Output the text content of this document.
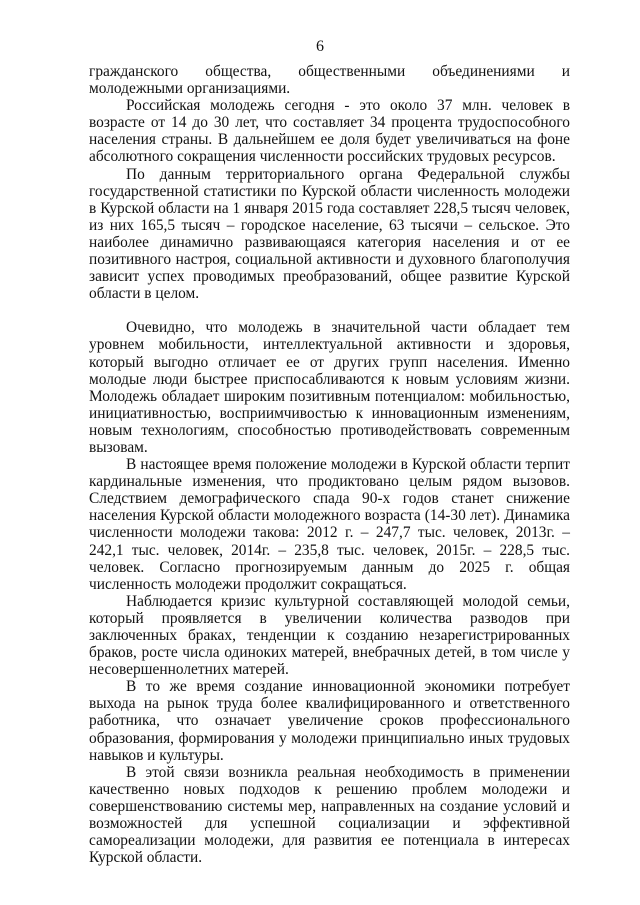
6

гражданского общества, общественными объединениями и молодежными организациями.

Российская молодежь сегодня - это около 37 млн. человек в возрасте от 14 до 30 лет, что составляет 34 процента трудоспособного населения страны. В дальнейшем ее доля будет увеличиваться на фоне абсолютного сокращения численности российских трудовых ресурсов.

По данным территориального органа Федеральной службы государственной статистики по Курской области численность молодежи в Курской области на 1 января 2015 года составляет 228,5 тысяч человек, из них 165,5 тысяч – городское население, 63 тысячи – сельское. Это наиболее динамично развивающаяся категория населения и от ее позитивного настроя, социальной активности и духовного благополучия зависит успех проводимых преобразований, общее развитие Курской области в целом.

Очевидно, что молодежь в значительной части обладает тем уровнем мобильности, интеллектуальной активности и здоровья, который выгодно отличает ее от других групп населения. Именно молодые люди быстрее приспосабливаются к новым условиям жизни. Молодежь обладает широким позитивным потенциалом: мобильностью, инициативностью, восприимчивостью к инновационным изменениям, новым технологиям, способностью противодействовать современным вызовам.

В настоящее время положение молодежи в Курской области терпит кардинальные изменения, что продиктовано целым рядом вызовов. Следствием демографического спада 90-х годов станет снижение населения Курской области молодежного возраста (14-30 лет). Динамика численности молодежи такова: 2012 г. – 247,7 тыс. человек, 2013г. – 242,1 тыс. человек, 2014г. – 235,8 тыс. человек, 2015г. – 228,5 тыс. человек. Согласно прогнозируемым данным до 2025 г. общая численность молодежи продолжит сокращаться.

Наблюдается кризис культурной составляющей молодой семьи, который проявляется в увеличении количества разводов при заключенных браках, тенденции к созданию незарегистрированных браков, росте числа одиноких матерей, внебрачных детей, в том числе у несовершеннолетних матерей.

В то же время создание инновационной экономики потребует выхода на рынок труда более квалифицированного и ответственного работника, что означает увеличение сроков профессионального образования, формирования у молодежи принципиально иных трудовых навыков и культуры.

В этой связи возникла реальная необходимость в применении качественно новых подходов к решению проблем молодежи и совершенствованию системы мер, направленных на создание условий и возможностей для успешной социализации и эффективной самореализации молодежи, для развития ее потенциала в интересах Курской области.
